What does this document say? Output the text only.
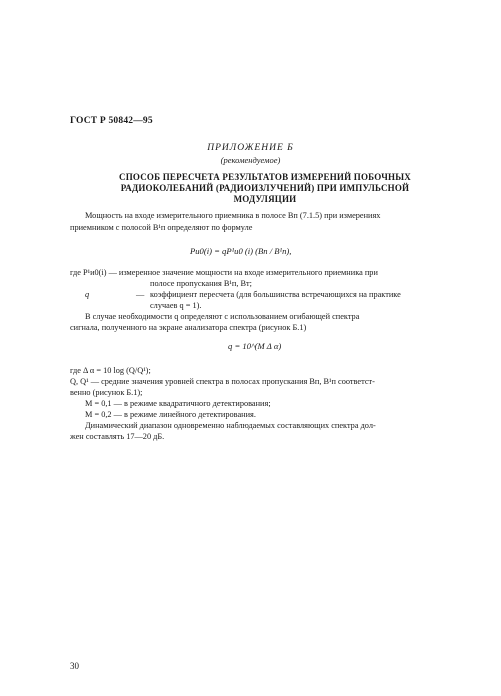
ГОСТ Р 50842—95
ПРИЛОЖЕНИЕ Б
(рекомендуемое)
СПОСОБ ПЕРЕСЧЕТА РЕЗУЛЬТАТОВ ИЗМЕРЕНИЙ ПОБОЧНЫХ
РАДИОКОЛЕБАНИЙ (РАДИОИЗЛУЧЕНИЙ) ПРИ ИМПУЛЬСНОЙ
МОДУЛЯЦИИ
Мощность на входе измерительного приемника в полосе Bп (7.1.5) при измерениях
приемником с полосой B¹п определяют по формуле
Pи0(i) = qP¹и0 (i) (Bп / B¹п),
где P¹и0(i) — измеренное значение мощности на входе измерительного приемника при
полосе пропускания B¹п, Вт;
q	— коэффициент пересчета (для большинства встречающихся на практике
случаев q = 1).
В случае необходимости q определяют с использованием огибающей спектра
сигнала, полученного на экране анализатора спектра (рисунок Б.1)
q = 10^(M Δ α)
где Δ α = 10 log (Q/Q¹);
Q, Q¹ — средние значения уровней спектра в полосах пропускания Bп, B¹п соответст-
венно (рисунок Б.1);
M = 0,1 — в режиме квадратичного детектирования;
M = 0,2 — в режиме линейного детектирования.
Динамический диапазон одновременно наблюдаемых составляющих спектра дол-
жен составлять 17—20 дБ.
30
